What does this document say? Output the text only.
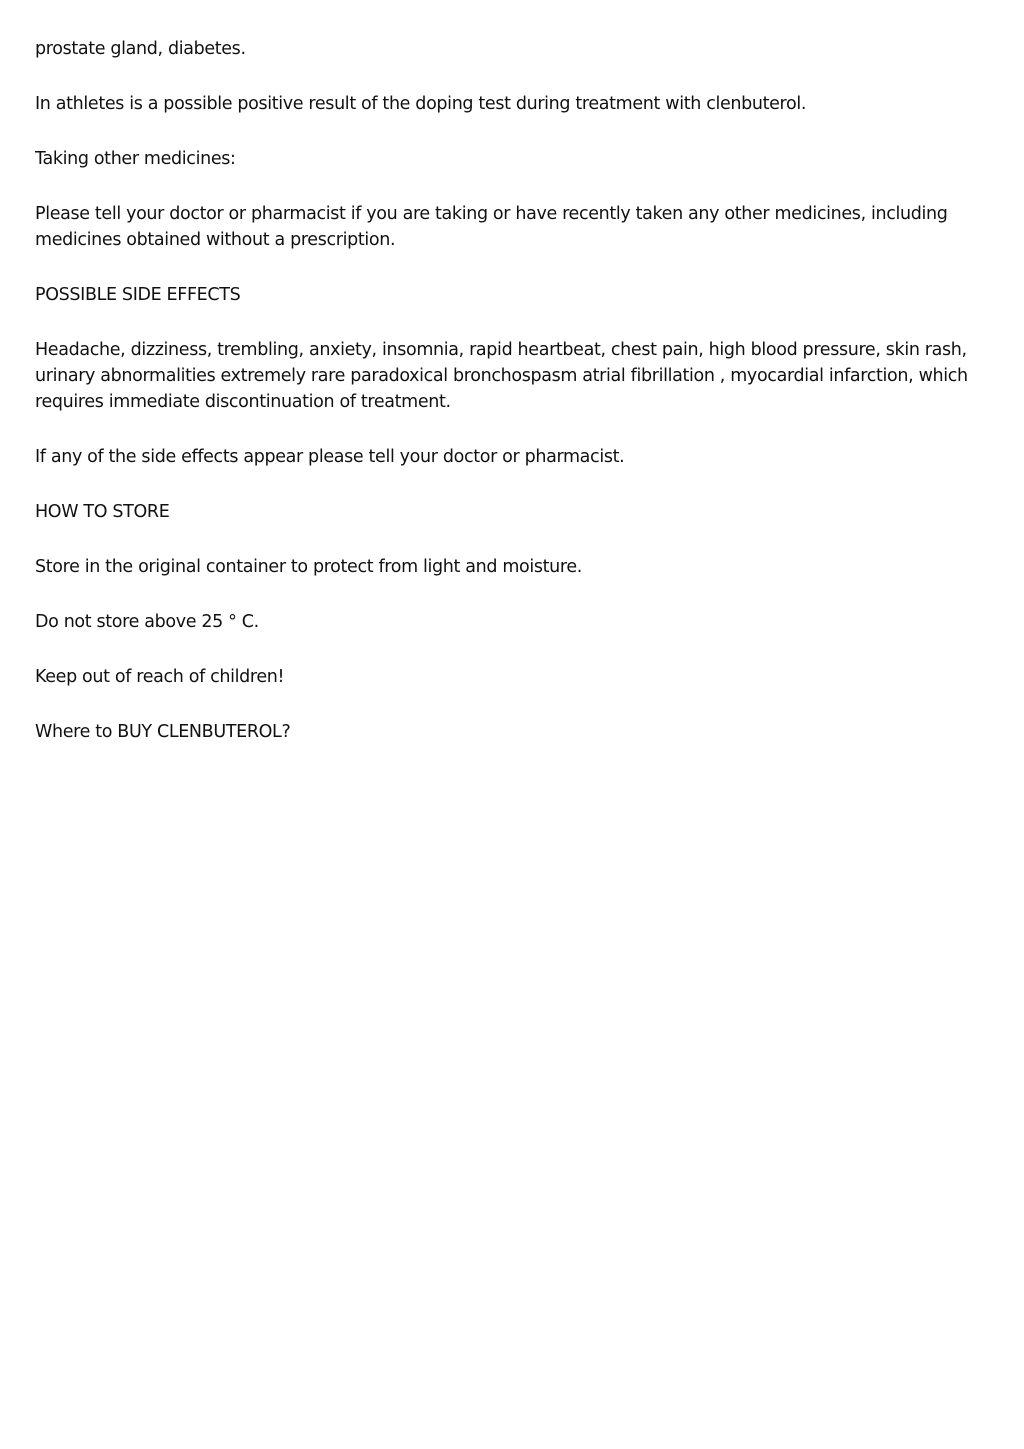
prostate gland, diabetes.

In athletes is a possible positive result of the doping test during treatment with clenbuterol.

Taking other medicines:

Please tell your doctor or pharmacist if you are taking or have recently taken any other medicines, including medicines obtained without a prescription.

POSSIBLE SIDE EFFECTS

Headache, dizziness, trembling, anxiety, insomnia, rapid heartbeat, chest pain, high blood pressure, skin rash, urinary abnormalities extremely rare paradoxical bronchospasm atrial fibrillation , myocardial infarction, which requires immediate discontinuation of treatment.

If any of the side effects appear please tell your doctor or pharmacist.

HOW TO STORE

Store in the original container to protect from light and moisture.

Do not store above 25 ° C.

Keep out of reach of children!

Where to BUY CLENBUTEROL?
